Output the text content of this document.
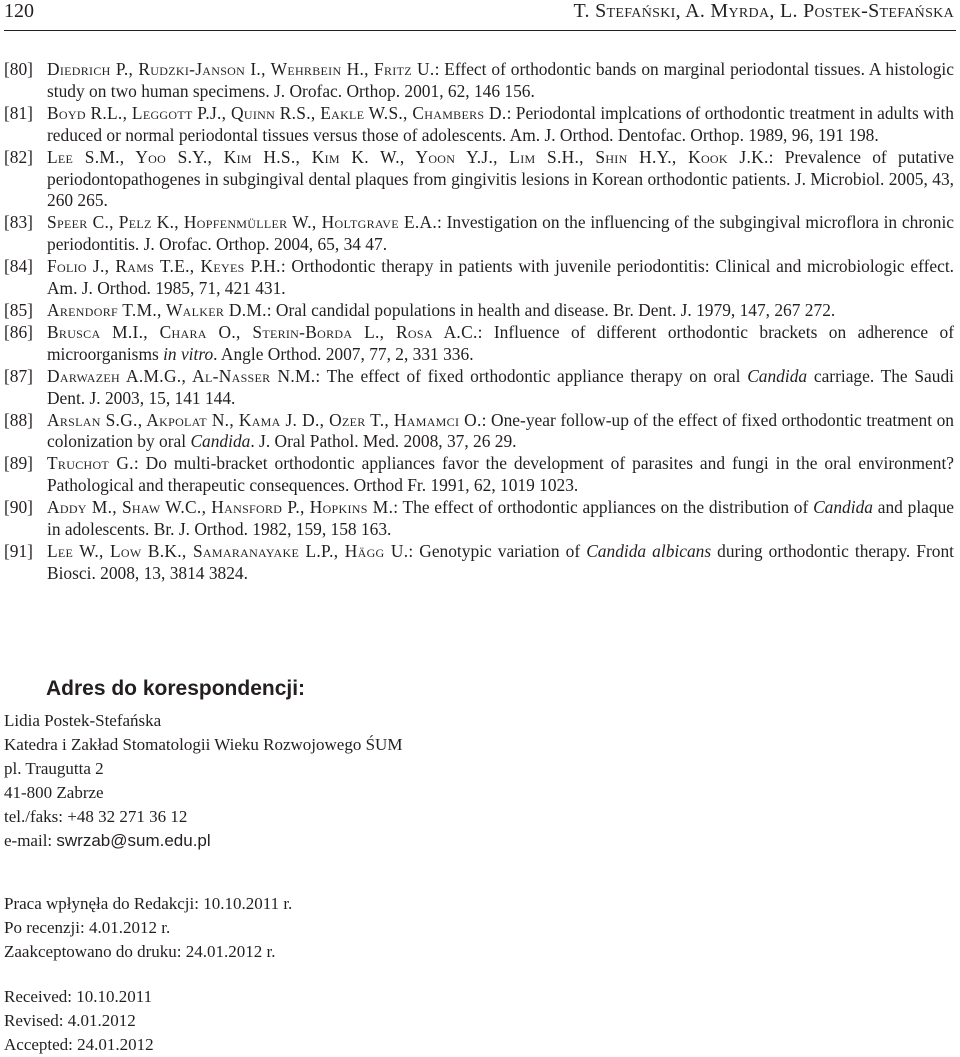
120	T. Stefański, A. Myrda, L. Postek-Stefańska
[80] Diedrich P., Rudzki-Janson I., Wehrbein H., Fritz U.: Effect of orthodontic bands on marginal periodontal tissues. A histologic study on two human specimens. J. Orofac. Orthop. 2001, 62, 146 156.
[81] Boyd R.L., Leggott P.J., Quinn R.S., Eakle W.S., Chambers D.: Periodontal implcations of orthodontic treatment in adults with reduced or normal periodontal tissues versus those of adolescents. Am. J. Orthod. Dentofac. Orthop. 1989, 96, 191 198.
[82] Lee S.M., Yoo S.Y., Kim H.S., Kim K. W., Yoon Y.J., Lim S.H., Shin H.Y., Kook J.K.: Prevalence of putative periodontopathogenes in subgingival dental plaques from gingivitis lesions in Korean orthodontic patients. J. Microbiol. 2005, 43, 260 265.
[83] Speer C., Pelz K., Hopfenmüller W., Holtgrave E.A.: Investigation on the influencing of the subgingival microflora in chronic periodontitis. J. Orofac. Orthop. 2004, 65, 34 47.
[84] Folio J., Rams T.E., Keyes P.H.: Orthodontic therapy in patients with juvenile periodontitis: Clinical and microbiologic effect. Am. J. Orthod. 1985, 71, 421 431.
[85] Arendorf T.M., Walker D.M.: Oral candidal populations in health and disease. Br. Dent. J. 1979, 147, 267 272.
[86] Brusca M.I., Chara O., Sterin-Borda L., Rosa A.C.: Influence of different orthodontic brackets on adherence of microorganisms in vitro. Angle Orthod. 2007, 77, 2, 331 336.
[87] Darwazeh A.M.G., Al-Nasser N.M.: The effect of fixed orthodontic appliance therapy on oral Candida carriage. The Saudi Dent. J. 2003, 15, 141 144.
[88] Arslan S.G., Akpolat N., Kama J. D., Ozer T., Hamamci O.: One-year follow-up of the effect of fixed orthodontic treatment on colonization by oral Candida. J. Oral Pathol. Med. 2008, 37, 26 29.
[89] Truchot G.: Do multi-bracket orthodontic appliances favor the development of parasites and fungi in the oral environment? Pathological and therapeutic consequences. Orthod Fr. 1991, 62, 1019 1023.
[90] Addy M., Shaw W.C., Hansford P., Hopkins M.: The effect of orthodontic appliances on the distribution of Candida and plaque in adolescents. Br. J. Orthod. 1982, 159, 158 163.
[91] Lee W., Low B.K., Samaranayake L.P., Hägg U.: Genotypic variation of Candida albicans during orthodontic therapy. Front Biosci. 2008, 13, 3814 3824.
Adres do korespondencji:
Lidia Postek-Stefańska
Katedra i Zakład Stomatologii Wieku Rozwojowego ŚUM
pl. Traugutta 2
41-800 Zabrze
tel./faks: +48 32 271 36 12
e-mail: swrzab@sum.edu.pl
Praca wpłynęła do Redakcji: 10.10.2011 r.
Po recenzji: 4.01.2012 r.
Zaakceptowano do druku: 24.01.2012 r.
Received: 10.10.2011
Revised: 4.01.2012
Accepted: 24.01.2012
